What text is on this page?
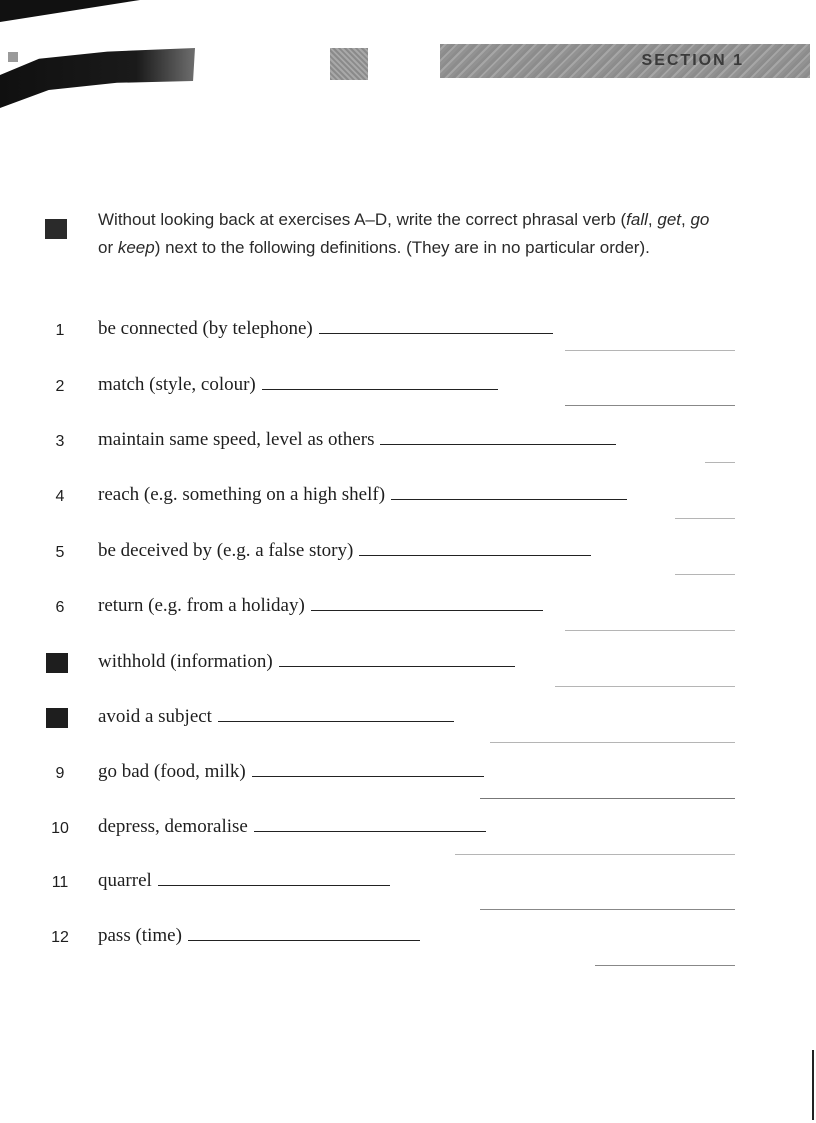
SECTION 1
Without looking back at exercises A–D, write the correct phrasal verb (fall, get, go or keep) next to the following definitions. (They are in no particular order).
1	be connected (by telephone)
2	match (style, colour)
3	maintain same speed, level as others
4	reach (e.g. something on a high shelf)
5	be deceived by (e.g. a false story)
6	return (e.g. from a holiday)
withhold (information)
avoid a subject
9	go bad (food, milk)
10	depress, demoralise
11	quarrel
12	pass (time)
